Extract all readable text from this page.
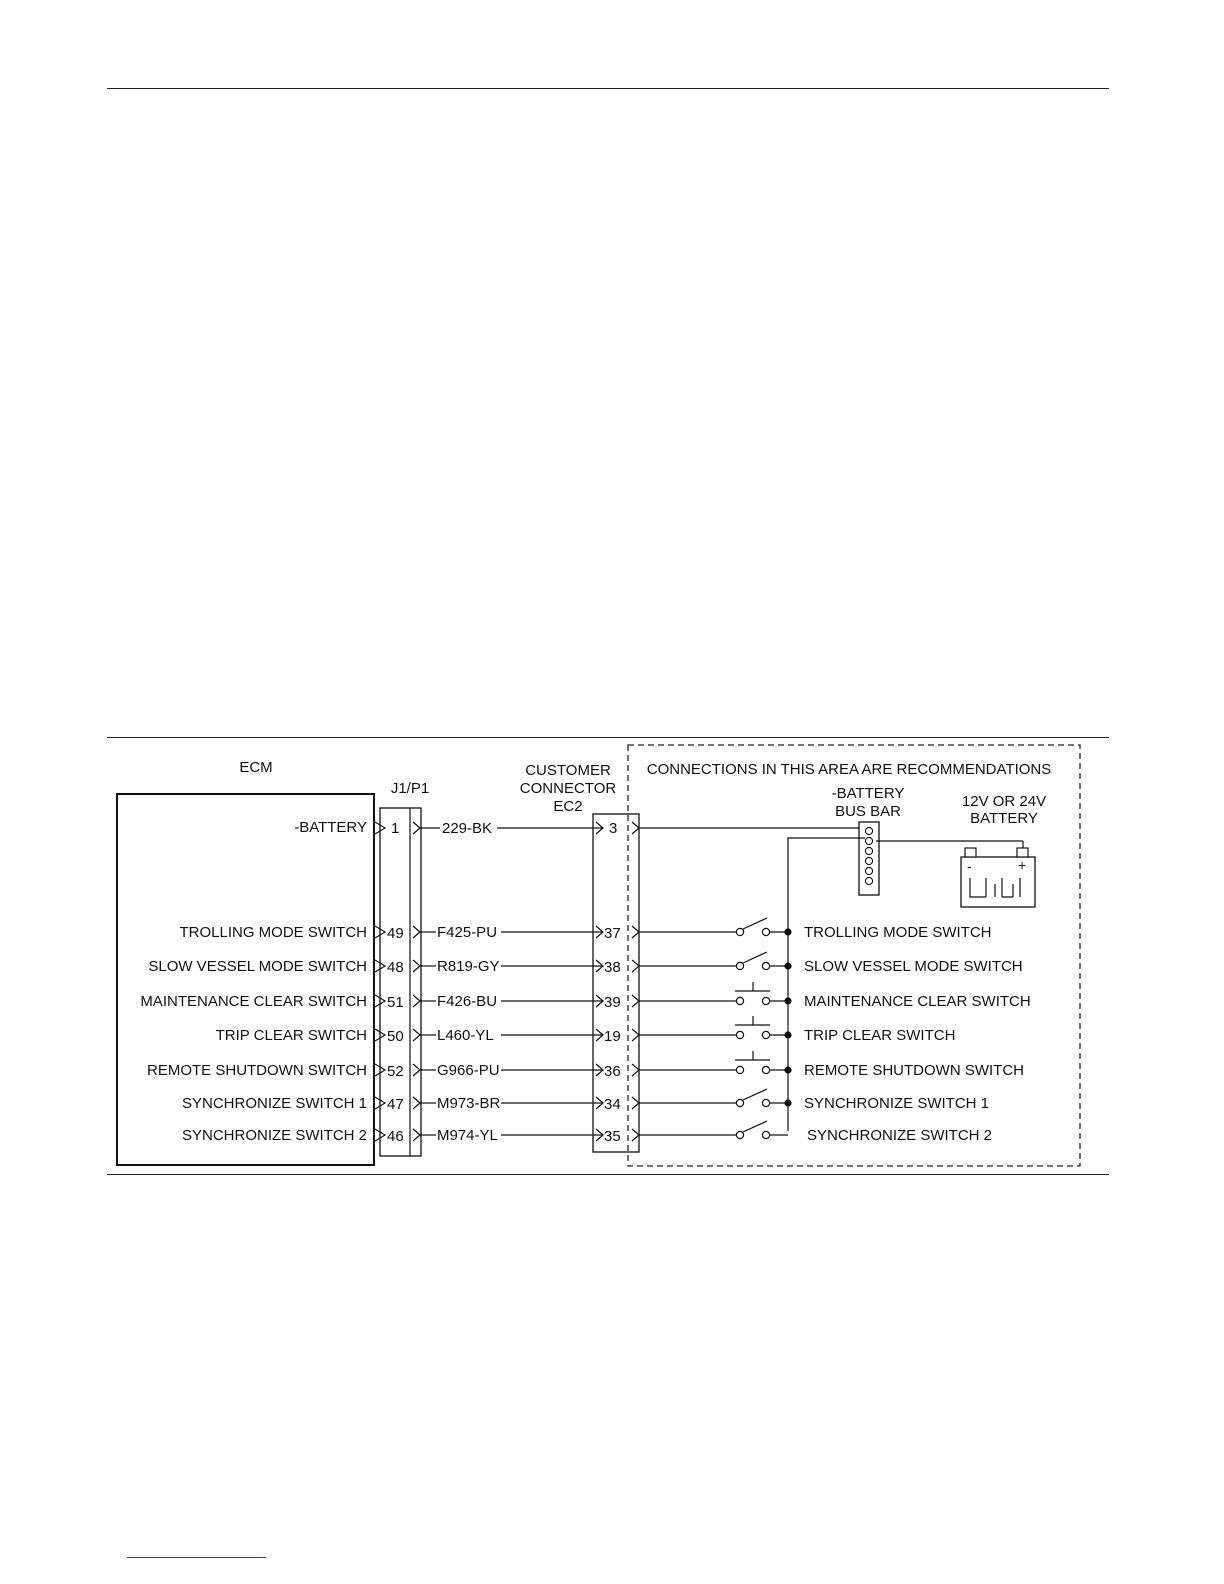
ECM
J1/P1
CUSTOMER
CONNECTOR
EC2
CONNECTIONS IN THIS AREA ARE RECOMMENDATIONS
-BATTERY
BUS BAR
12V OR 24V
BATTERY
-BATTERY 1	229-BK	3
-	+
TROLLING MODE SWITCH 49 F425-PU	37	TROLLING MODE SWITCH
SLOW VESSEL MODE SWITCH 48 R819-GY	38	SLOW VESSEL MODE SWITCH
MAINTENANCE CLEAR SWITCH 51 F426-BU	39	MAINTENANCE CLEAR SWITCH
TRIP CLEAR SWITCH 50 L460-YL	19	TRIP CLEAR SWITCH
REMOTE SHUTDOWN SWITCH 52 G966-PU	36	REMOTE SHUTDOWN SWITCH
SYNCHRONIZE SWITCH 1 47 M973-BR	34	SYNCHRONIZE SWITCH 1
SYNCHRONIZE SWITCH 2 46 M974-YL	35	SYNCHRONIZE SWITCH 2
